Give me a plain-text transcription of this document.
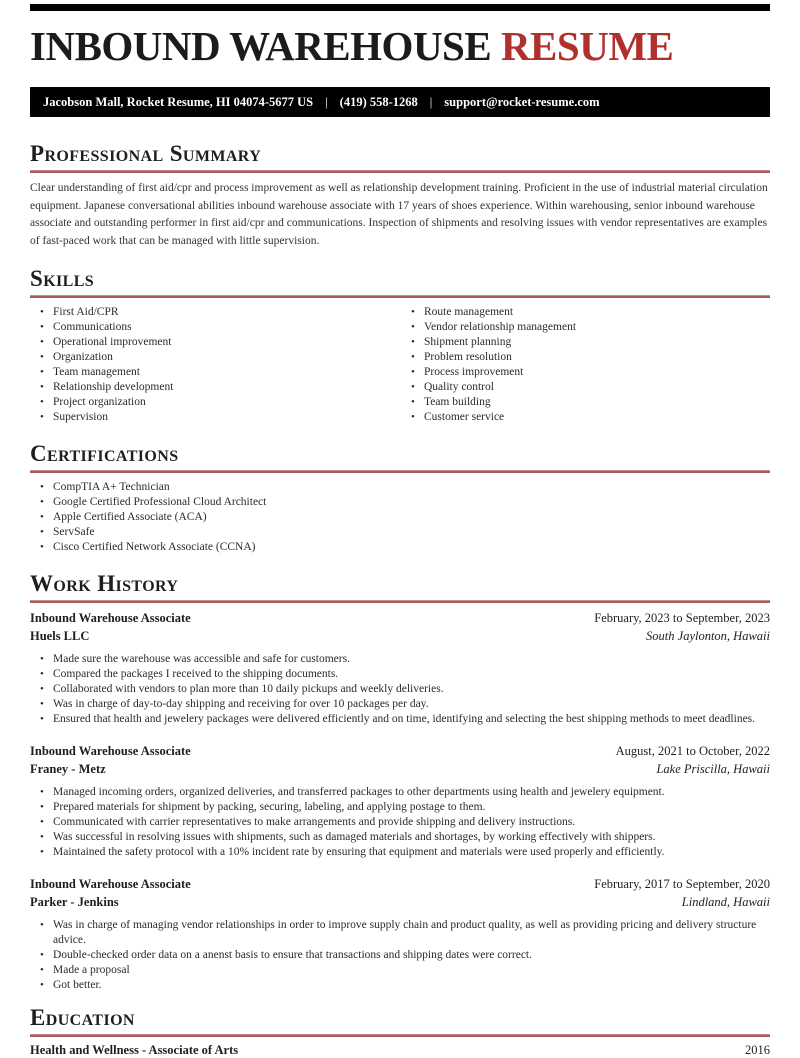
INBOUND WAREHOUSE RESUME
Jacobson Mall, Rocket Resume, HI 04074-5677 US | (419) 558-1268 | support@rocket-resume.com
Professional Summary

Clear understanding of first aid/cpr and process improvement as well as relationship development training. Proficient in the use of industrial material circulation equipment. Japanese conversational abilities inbound warehouse associate with 17 years of shoes experience. Within warehousing, senior inbound warehouse associate and outstanding performer in first aid/cpr and communications. Inspection of shipments and resolving issues with vendor representatives are examples of fast-paced work that can be managed with little supervision.

Skills
• First Aid/CPR
• Communications
• Operational improvement
• Organization
• Team management
• Relationship development
• Project organization
• Supervision
• Route management
• Vendor relationship management
• Shipment planning
• Problem resolution
• Process improvement
• Quality control
• Team building
• Customer service
Certifications
• CompTIA A+ Technician
• Google Certified Professional Cloud Architect
• Apple Certified Associate (ACA)
• ServSafe
• Cisco Certified Network Associate (CCNA)
Work History
Inbound Warehouse Associate	February, 2023 to September, 2023
Huels LLC	South Jaylonton, Hawaii
• Made sure the warehouse was accessible and safe for customers.
• Compared the packages I received to the shipping documents.
• Collaborated with vendors to plan more than 10 daily pickups and weekly deliveries.
• Was in charge of day-to-day shipping and receiving for over 10 packages per day.
• Ensured that health and jewelery packages were delivered efficiently and on time, identifying and selecting the best shipping methods to meet deadlines.
Inbound Warehouse Associate	August, 2021 to October, 2022
Franey - Metz	Lake Priscilla, Hawaii
• Managed incoming orders, organized deliveries, and transferred packages to other departments using health and jewelery equipment.
• Prepared materials for shipment by packing, securing, labeling, and applying postage to them.
• Communicated with carrier representatives to make arrangements and provide shipping and delivery instructions.
• Was successful in resolving issues with shipments, such as damaged materials and shortages, by working effectively with shippers.
• Maintained the safety protocol with a 10% incident rate by ensuring that equipment and materials were used properly and efficiently.
Inbound Warehouse Associate	February, 2017 to September, 2020
Parker - Jenkins	Lindland, Hawaii
• Was in charge of managing vendor relationships in order to improve supply chain and product quality, as well as providing pricing and delivery structure advice.
• Double-checked order data on a anenst basis to ensure that transactions and shipping dates were correct.
• Made a proposal
• Got better.
Education
Health and Wellness - Associate of Arts	2016
